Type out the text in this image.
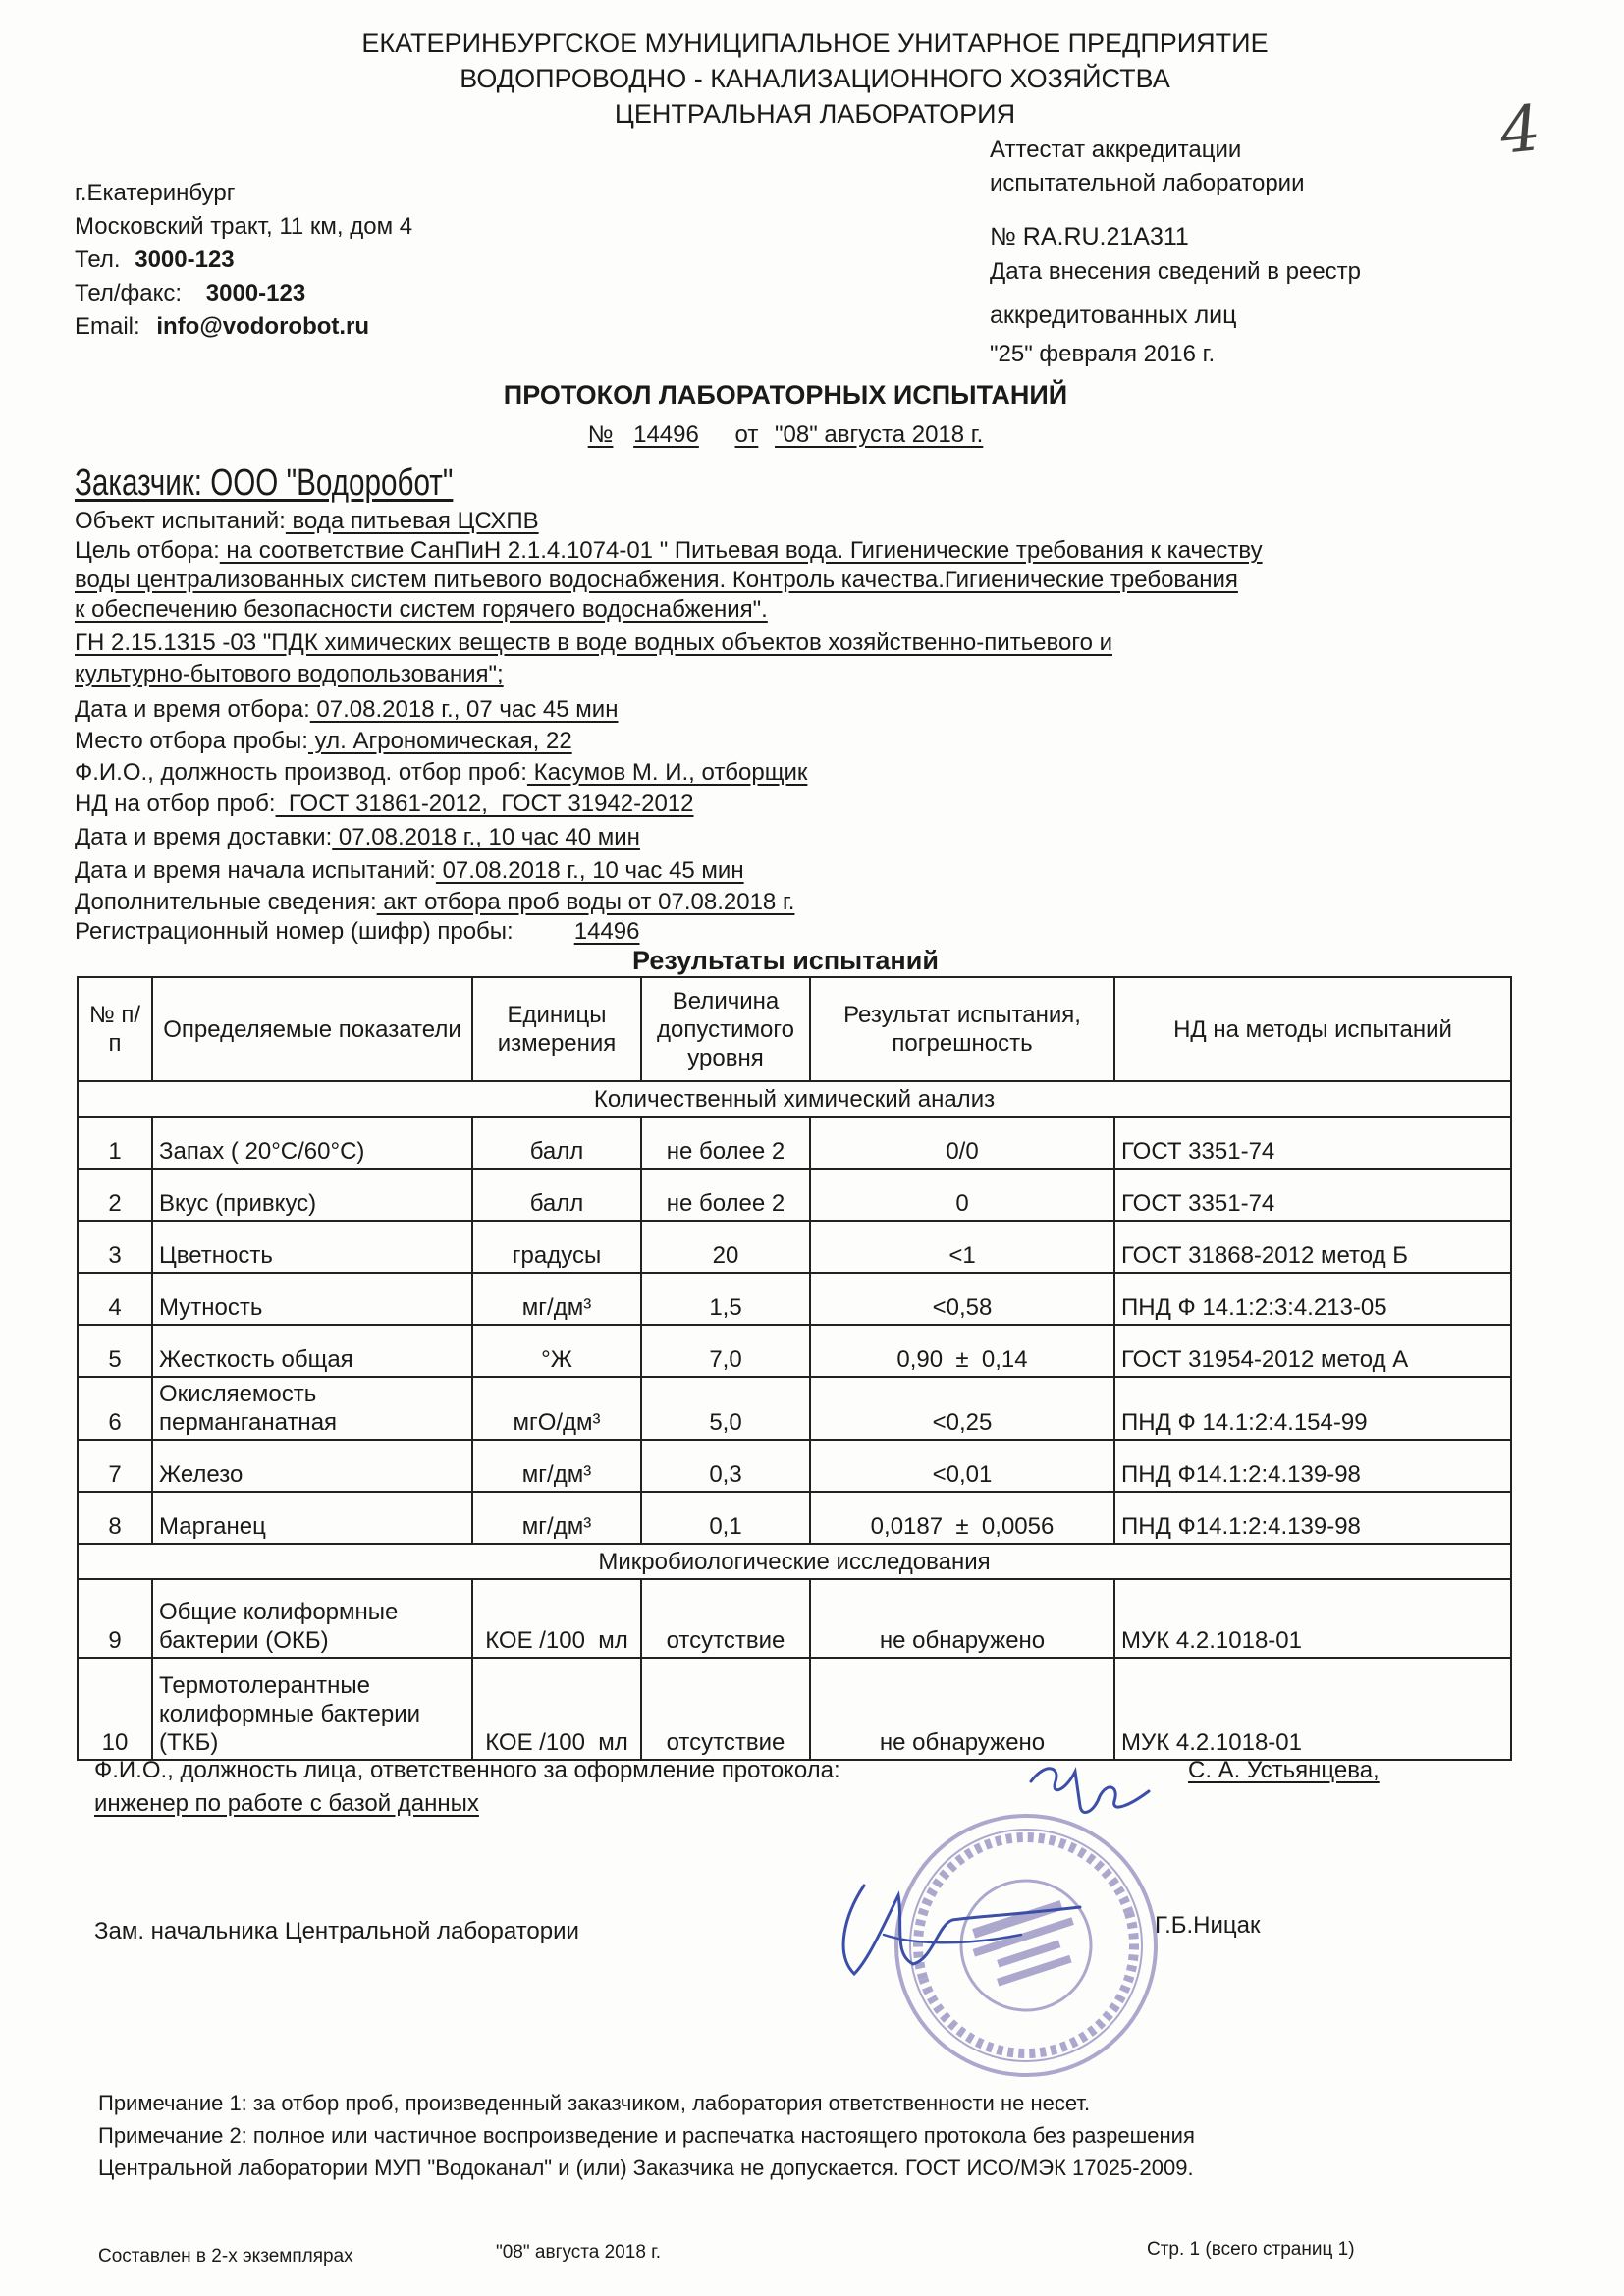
ЕКАТЕРИНБУРГСКОЕ МУНИЦИПАЛЬНОЕ УНИТАРНОЕ ПРЕДПРИЯТИЕ
ВОДОПРОВОДНО - КАНАЛИЗАЦИОННОГО ХОЗЯЙСТВА
ЦЕНТРАЛЬНАЯ ЛАБОРАТОРИЯ	4
г.Екатеринбург
Московский тракт, 11 км, дом 4
Тел. 3000-123
Тел/факс: 3000-123
Email: info@vodorobot.ru
Аттестат аккредитации
испытательной лаборатории
№ RA.RU.21A311
Дата внесения сведений в реестр
аккредитованных лиц
"25" февраля 2016 г.
ПРОТОКОЛ ЛАБОРАТОРНЫХ ИСПЫТАНИЙ
№ 14496 от "08" августа 2018 г.
Заказчик: ООО "Водоробот"
Объект испытаний: вода питьевая ЦСХПВ
Цель отбора: на соответствие СанПиН 2.1.4.1074-01 " Питьевая вода. Гигиенические требования к качеству
воды централизованных систем питьевого водоснабжения. Контроль качества.Гигиенические требования
к обеспечению безопасности систем горячего водоснабжения".
ГН 2.15.1315 -03 "ПДК химических веществ в воде водных объектов хозяйственно-питьевого и
культурно-бытового водопользования";
Дата и время отбора: 07.08.2018 г., 07 час 45 мин
Место отбора пробы: ул. Агрономическая, 22
Ф.И.О., должность производ. отбор проб: Касумов М. И., отборщик
НД на отбор проб:  ГОСТ 31861-2012,  ГОСТ 31942-2012
Дата и время доставки: 07.08.2018 г., 10 час 40 мин
Дата и время начала испытаний: 07.08.2018 г., 10 час 45 мин
Дополнительные сведения: акт отбора проб воды от 07.08.2018 г.
Регистрационный номер (шифр) пробы:	14496
Результаты испытаний
№ п/п	Определяемые показатели	Единицы измерения	Величина допустимого уровня	Результат испытания, погрешность	НД на методы испытаний
Количественный химический анализ					
1	Запах ( 20°С/60°С)	балл	не более 2	0/0	ГОСТ 3351-74
2	Вкус (привкус)	балл	не более 2	0	ГОСТ 3351-74
3	Цветность	градусы	20	<1	ГОСТ 31868-2012 метод Б
4	Мутность	мг/дм³	1,5	<0,58	ПНД Ф 14.1:2:3:4.213-05
5	Жесткость общая	°Ж	7,0	0,90  ±  0,14	ГОСТ 31954-2012 метод А
6	Окисляемость
перманганатная	мгО/дм³	5,0	<0,25	ПНД Ф 14.1:2:4.154-99
7	Железо	мг/дм³	0,3	<0,01	ПНД Ф14.1:2:4.139-98
8	Марганец	мг/дм³	0,1	0,0187  ±  0,0056	ПНД Ф14.1:2:4.139-98
Микробиологические исследования					
9	Общие колиформные
бактерии (ОКБ)	КОЕ /100  мл	отсутствие	не обнаружено	МУК 4.2.1018-01
10	Термотолерантные
колиформные бактерии
(ТКБ)	КОЕ /100  мл	отсутствие	не обнаружено	МУК 4.2.1018-01
Ф.И.О., должность лица, ответственного за оформление протокола:	С. А. Устьянцева,
инженер по работе с базой данных
Зам. начальника Центральной лаборатории	Г.Б.Ницак
Примечание 1: за отбор проб, произведенный заказчиком, лаборатория ответственности не несет.
Примечание 2: полное или частичное воспроизведение и распечатка настоящего протокола без разрешения
Центральной лаборатории МУП "Водоканал" и (или) Заказчика не допускается. ГОСТ ИСО/МЭК 17025-2009.
Составлен в 2-х экземплярах	"08" августа 2018 г.	Стр. 1 (всего страниц 1)
